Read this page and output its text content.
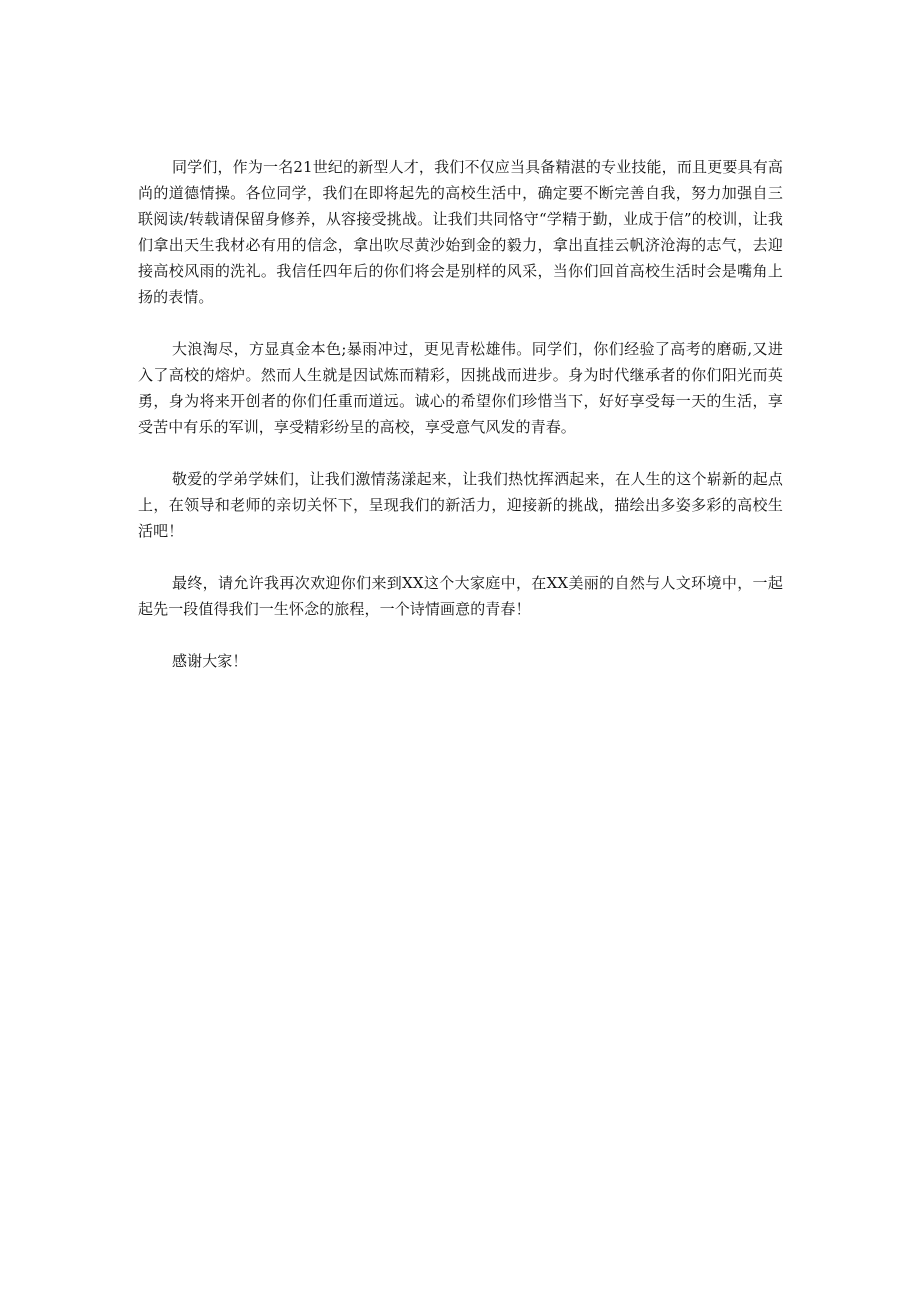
同学们，作为一名21世纪的新型人才，我们不仅应当具备精湛的专业技能，而且更要具有高尚的道德情操。各位同学，我们在即将起先的高校生活中，确定要不断完善自我，努力加强自三联阅读/转载请保留身修养，从容接受挑战。让我们共同恪守“学精于勤，业成于信”的校训，让我们拿出天生我材必有用的信念，拿出吹尽黄沙始到金的毅力，拿出直挂云帆济沧海的志气，去迎接高校风雨的洗礼。我信任四年后的你们将会是别样的风采，当你们回首高校生活时会是嘴角上扬的表情。

大浪淘尽，方显真金本色;暴雨冲过，更见青松雄伟。同学们，你们经验了高考的磨砺,又进入了高校的熔炉。然而人生就是因试炼而精彩，因挑战而进步。身为时代继承者的你们阳光而英勇，身为将来开创者的你们任重而道远。诚心的希望你们珍惜当下，好好享受每一天的生活，享受苦中有乐的军训，享受精彩纷呈的高校，享受意气风发的青春。

敬爱的学弟学妹们，让我们激情荡漾起来，让我们热忱挥洒起来，在人生的这个崭新的起点上，在领导和老师的亲切关怀下，呈现我们的新活力，迎接新的挑战，描绘出多姿多彩的高校生活吧！

最终，请允许我再次欢迎你们来到XX这个大家庭中，在XX美丽的自然与人文环境中，一起起先一段值得我们一生怀念的旅程，一个诗情画意的青春！

感谢大家！
